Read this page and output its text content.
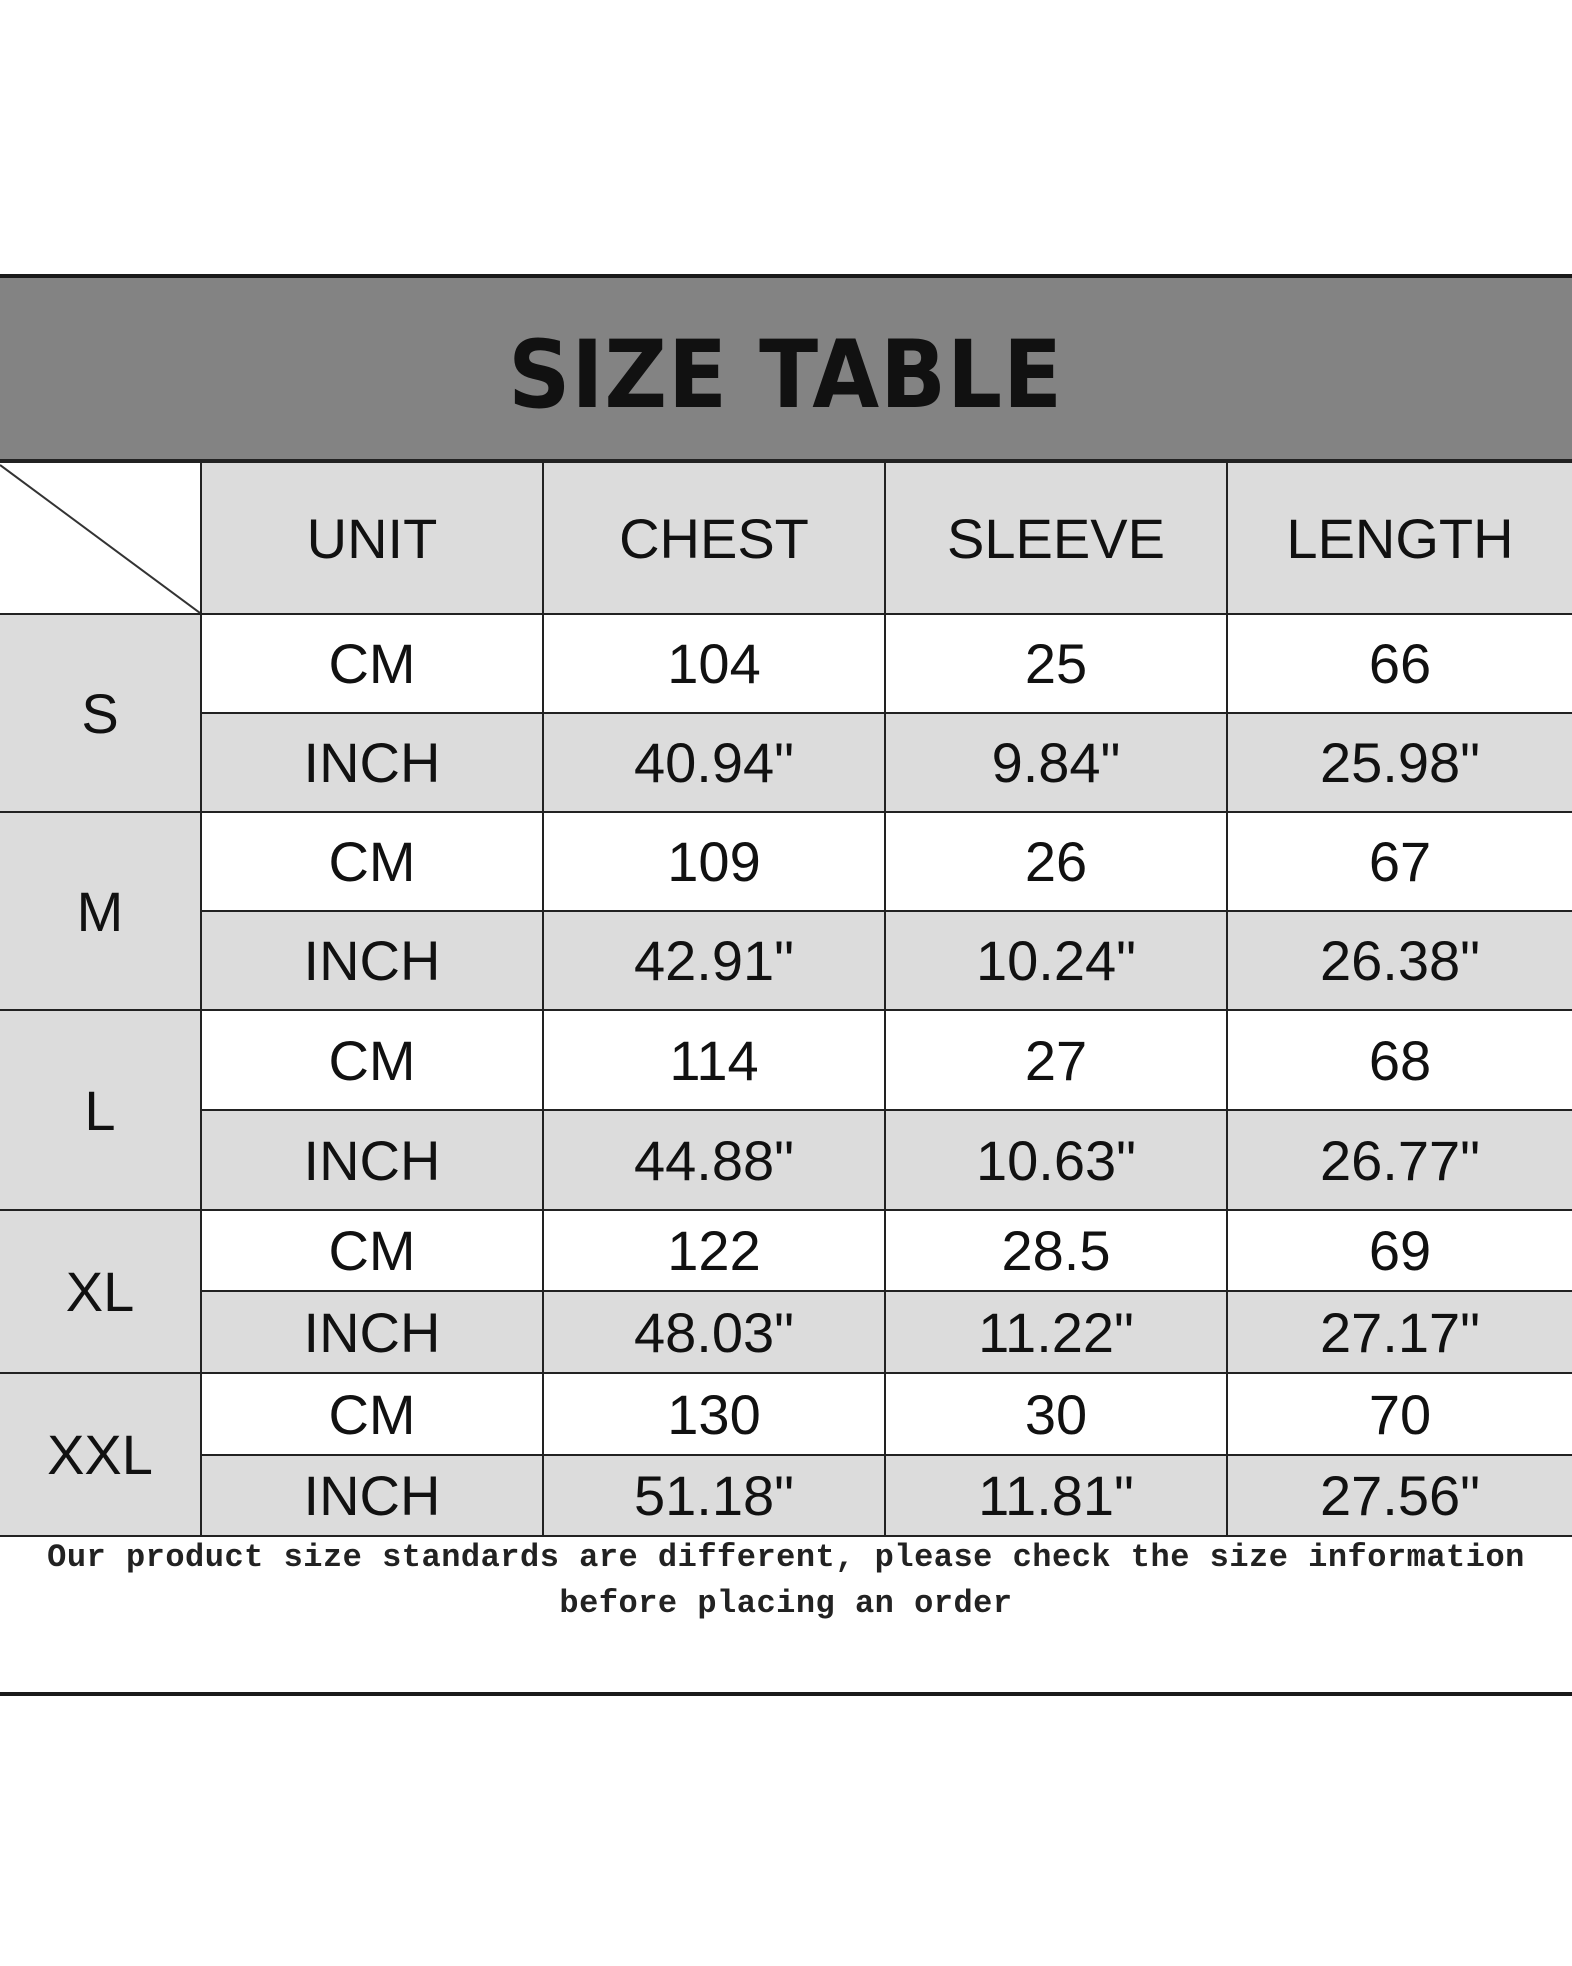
SIZE TABLE
	UNIT	CHEST	SLEEVE	LENGTH
S	CM	104	25	66
	INCH	40.94"	9.84"	25.98"
M	CM	109	26	67
	INCH	42.91"	10.24"	26.38"
L	CM	114	27	68
	INCH	44.88"	10.63"	26.77"
XL	CM	122	28.5	69
	INCH	48.03"	11.22"	27.17"
XXL	CM	130	30	70
	INCH	51.18"	11.81"	27.56"
Our product size standards are different, please check the size information
before placing an order
